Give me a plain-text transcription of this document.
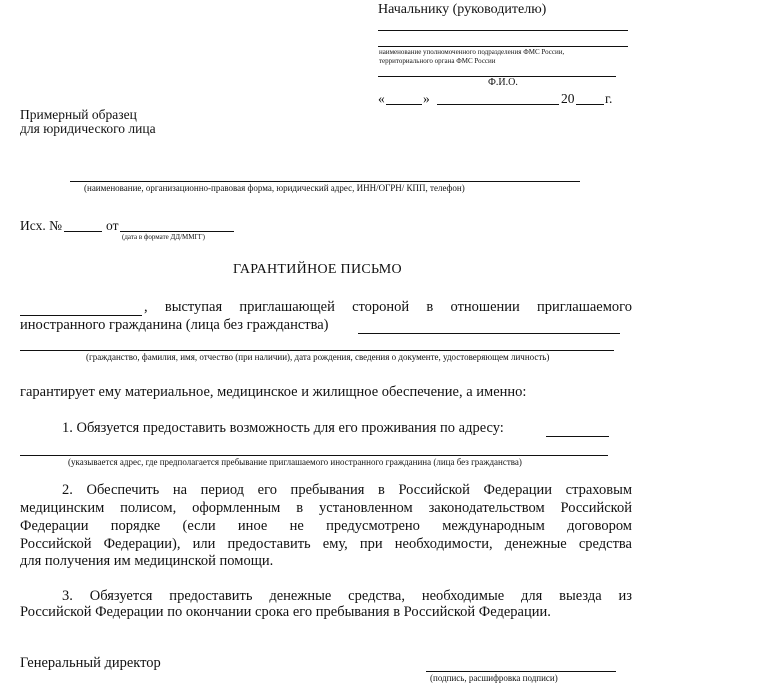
Начальнику (руководителю)
наименование уполномоченного подразделения ФМС России,
территориального органа ФМС России
Ф.И.О.
«	»	20 г.
Примерный образец
для юридического лица
(наименование, организационно-правовая форма, юридический адрес, ИНН/ОГРН/ КПП, телефон)
Исх. №	от
(дата в формате ДД/ММГГ)
ГАРАНТИЙНОЕ ПИСЬМО
, выступая приглашающей стороной в отношении приглашаемого
иностранного гражданина (лица без гражданства)
(гражданство, фамилия, имя, отчество (при наличии), дата рождения, сведения о документе, удостоверяющем личность)
гарантирует ему материальное, медицинское и жилищное обеспечение, а именно:
1. Обязуется предоставить возможность для его проживания по адресу:
(указывается адрес, где предполагается пребывание приглашаемого иностранного гражданина (лица без гражданства)
2. Обеспечить на период его пребывания в Российской Федерации страховым
медицинским полисом, оформленным в установленном законодательством Российской
Федерации порядке (если иное не предусмотрено международным договором
Российской Федерации), или предоставить ему, при необходимости, денежные средства
для получения им медицинской помощи.
3. Обязуется предоставить денежные средства, необходимые для выезда из
Российской Федерации по окончании срока его пребывания в Российской Федерации.
Генеральный директор
(подпись, расшифровка подписи)
